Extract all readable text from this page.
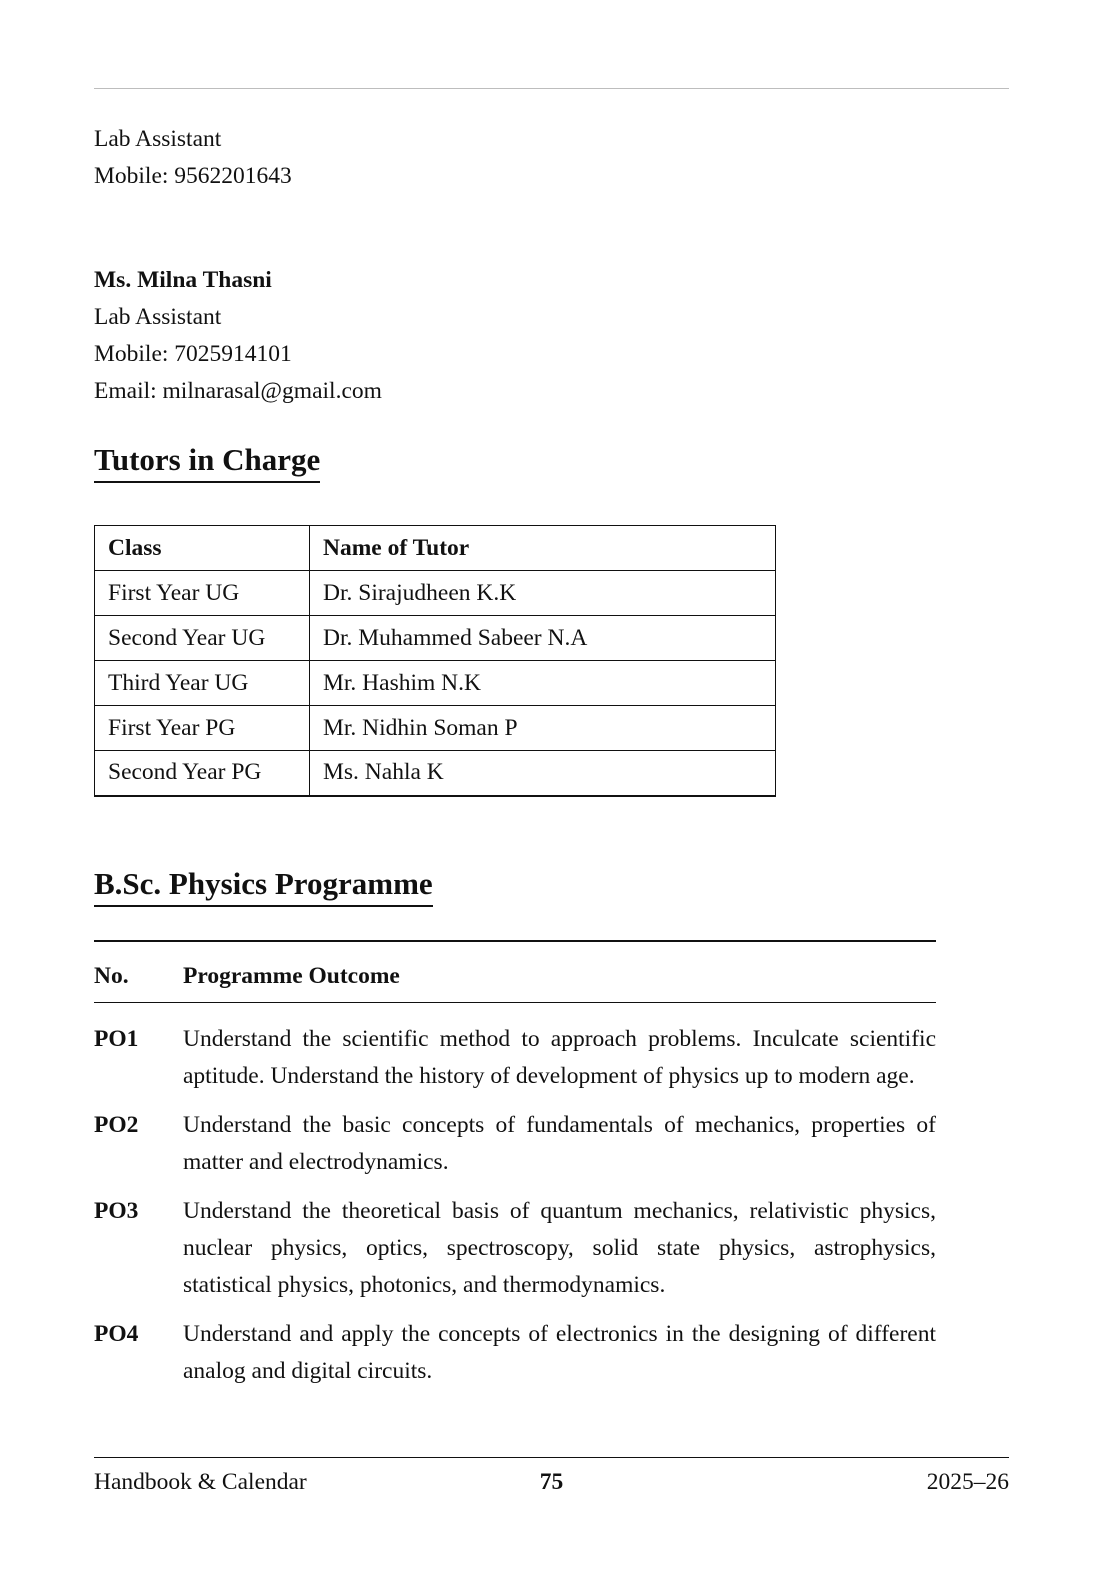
Lab Assistant
Mobile: 9562201643
Ms. Milna Thasni
Lab Assistant
Mobile: 7025914101
Email: milnarasal@gmail.com
Tutors in Charge
Class	Name of Tutor
First Year UG	Dr. Sirajudheen K.K
Second Year UG	Dr. Muhammed Sabeer N.A
Third Year UG	Mr. Hashim N.K
First Year PG	Mr. Nidhin Soman P
Second Year PG	Ms. Nahla K
B.Sc. Physics Programme
No. Programme Outcome
PO1 Understand the scientific method to approach problems. Inculcate scientific aptitude. Understand the history of development of physics up to modern age.
PO2 Understand the basic concepts of fundamentals of mechanics, properties of matter and electrodynamics.
PO3 Understand the theoretical basis of quantum mechanics, relativistic physics, nuclear physics, optics, spectroscopy, solid state physics, astrophysics, statistical physics, photonics, and thermodynamics.
PO4 Understand and apply the concepts of electronics in the designing of different analog and digital circuits.
Handbook & Calendar	75	2025–26
